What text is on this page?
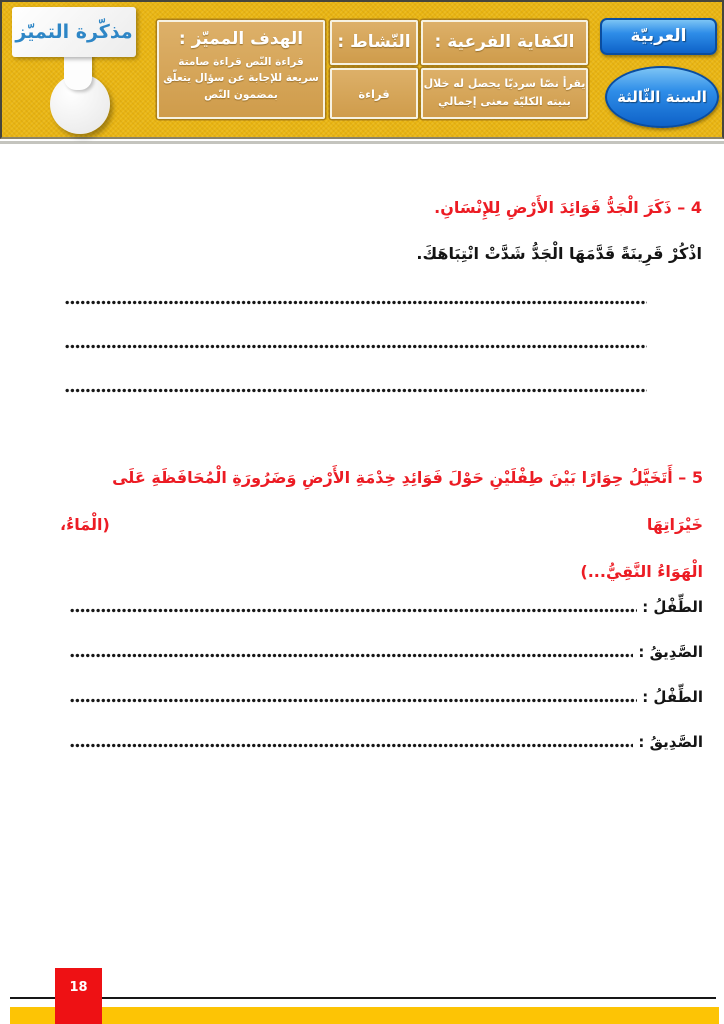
مذكّرة التميّز	الهدف المميّز :
قراءة النّص قراءة صامتة سريعة للإجابة عن سؤال يتعلّق بمضمون النّص
النّشاط :
قراءة
الكفاية الفرعية :
يقرأ نصّا سرديّا يحصل له خلال بنيته الكليّة معنى إجمالي
العربيّة
السنة الثّالثة
4 – ذَكَرَ الْجَدُّ فَوَائِدَ الأَرْضِ لِلإِنْسَانِ.
اذْكُرْ قَرِينَةً قَدَّمَهَا الْجَدُّ شَدَّتْ انْتِبَاهَكَ.
5 – أَتَخَيَّلُ حِوَارًا بَيْنَ طِفْلَيْنِ حَوْلَ فَوَائِدِ خِدْمَةِ الأَرْضِ وَضَرُورَةِ الْمُحَافَظَةِ عَلَى خَيْرَاتِهَا (الْمَاءُ،
الْهَوَاءُ النَّقِيُّ...)
الطِّفْلُ :
الصَّدِيقُ :
الطِّفْلُ :
الصَّدِيقُ :
18
